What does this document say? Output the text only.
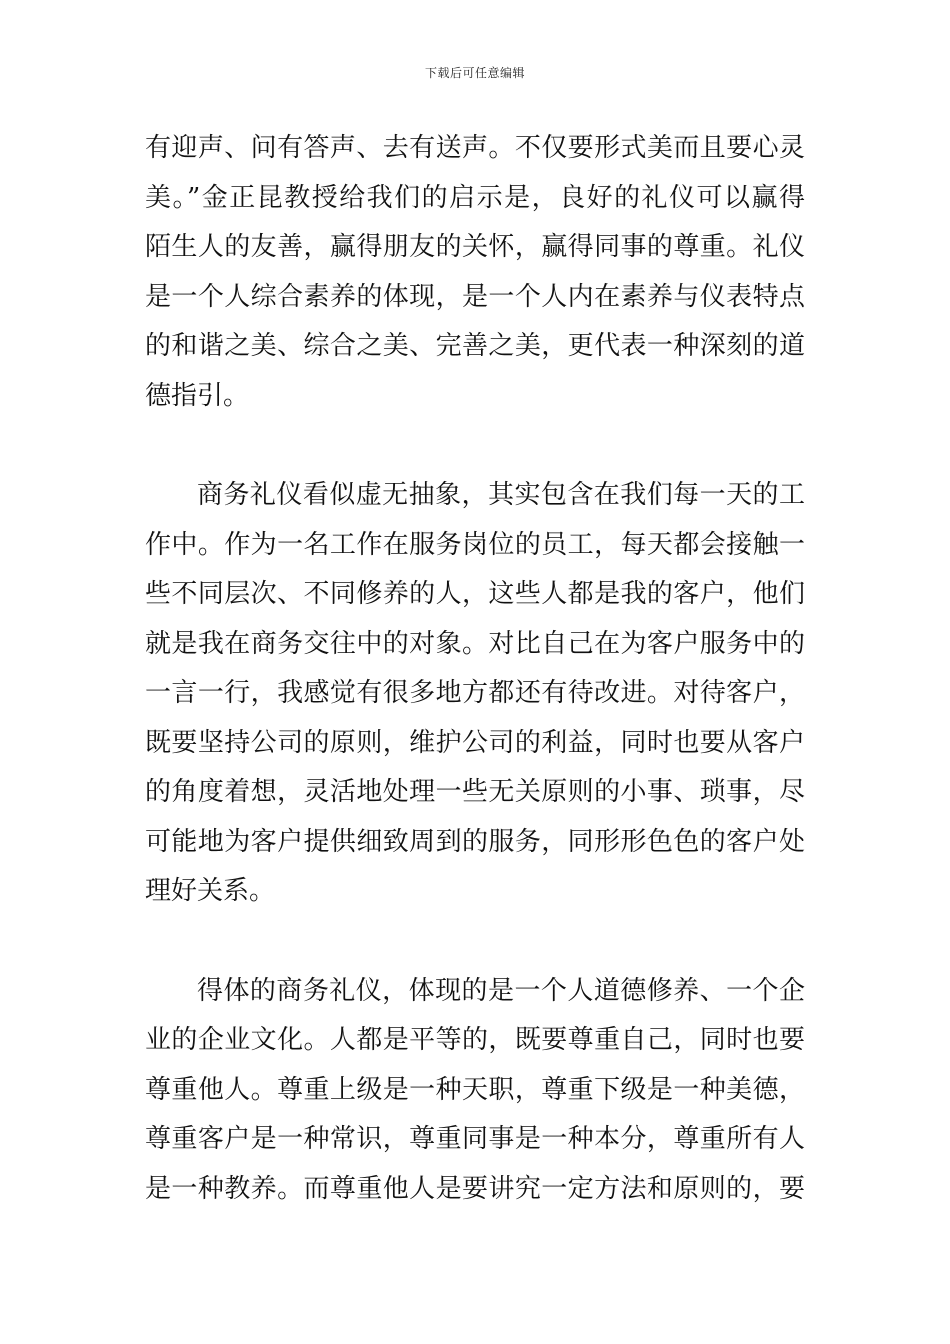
下载后可任意编辑
有迎声、问有答声、去有送声。不仅要形式美而且要心灵
美。”金正昆教授给我们的启示是，良好的礼仪可以赢得
陌生人的友善，赢得朋友的关怀，赢得同事的尊重。礼仪
是一个人综合素养的体现，是一个人内在素养与仪表特点
的和谐之美、综合之美、完善之美，更代表一种深刻的道
德指引。
商务礼仪看似虚无抽象，其实包含在我们每一天的工
作中。作为一名工作在服务岗位的员工，每天都会接触一
些不同层次、不同修养的人，这些人都是我的客户，他们
就是我在商务交往中的对象。对比自己在为客户服务中的
一言一行，我感觉有很多地方都还有待改进。对待客户，
既要坚持公司的原则，维护公司的利益，同时也要从客户
的角度着想，灵活地处理一些无关原则的小事、琐事，尽
可能地为客户提供细致周到的服务，同形形色色的客户处
理好关系。
得体的商务礼仪，体现的是一个人道德修养、一个企
业的企业文化。人都是平等的，既要尊重自己，同时也要
尊重他人。尊重上级是一种天职，尊重下级是一种美德，
尊重客户是一种常识，尊重同事是一种本分，尊重所有人
是一种教养。而尊重他人是要讲究一定方法和原则的，要
